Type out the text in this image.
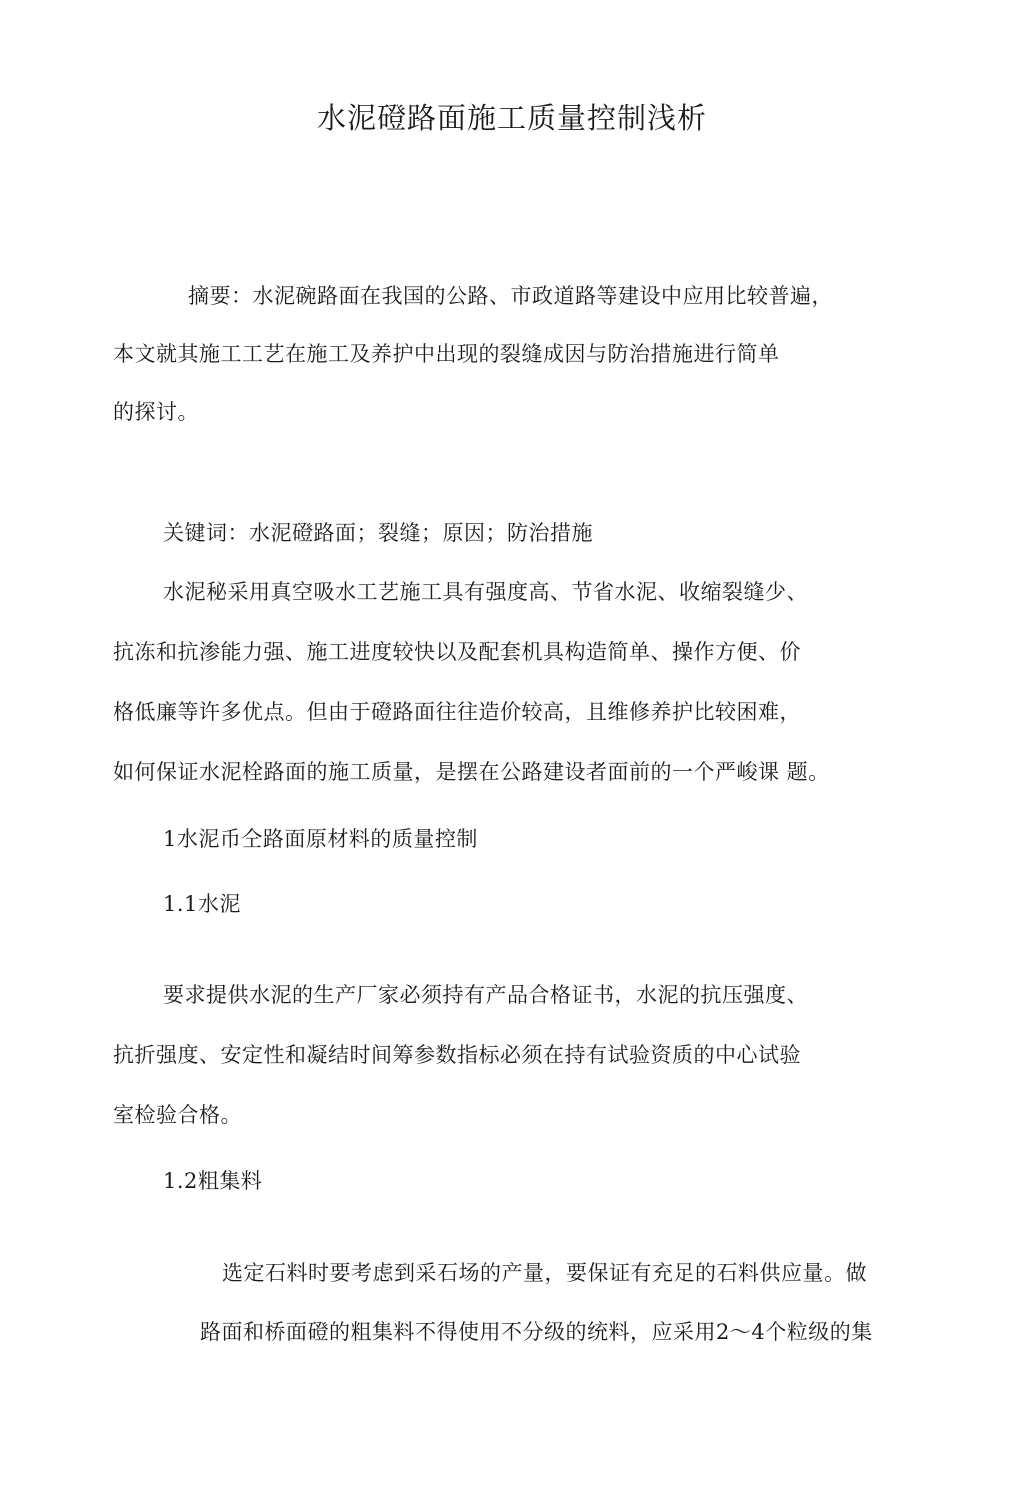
水泥磴路面施工质量控制浅析
摘要：水泥碗路面在我国的公路、市政道路等建设中应用比较普遍，
本文就其施工工艺在施工及养护中出现的裂缝成因与防治措施进行简单
的探讨。
关键词：水泥磴路面；裂缝；原因；防治措施
水泥秘采用真空吸水工艺施工具有强度高、节省水泥、收缩裂缝少、
抗冻和抗渗能力强、施工进度较快以及配套机具构造简单、操作方便、价
格低廉等许多优点。但由于磴路面往往造价较高，且维修养护比较困难，
如何保证水泥栓路面的施工质量，是摆在公路建设者面前的一个严峻课 题。
1水泥币仝路面原材料的质量控制
1.1水泥
要求提供水泥的生产厂家必须持有产品合格证书，水泥的抗压强度、
抗折强度、安定性和凝结时间筹参数指标必须在持有试验资质的中心试验
室检验合格。
1.2粗集料
选定石料时要考虑到采石场的产量，要保证有充足的石料供应量。做
路面和桥面磴的粗集料不得使用不分级的统料，应采用2～4个粒级的集
